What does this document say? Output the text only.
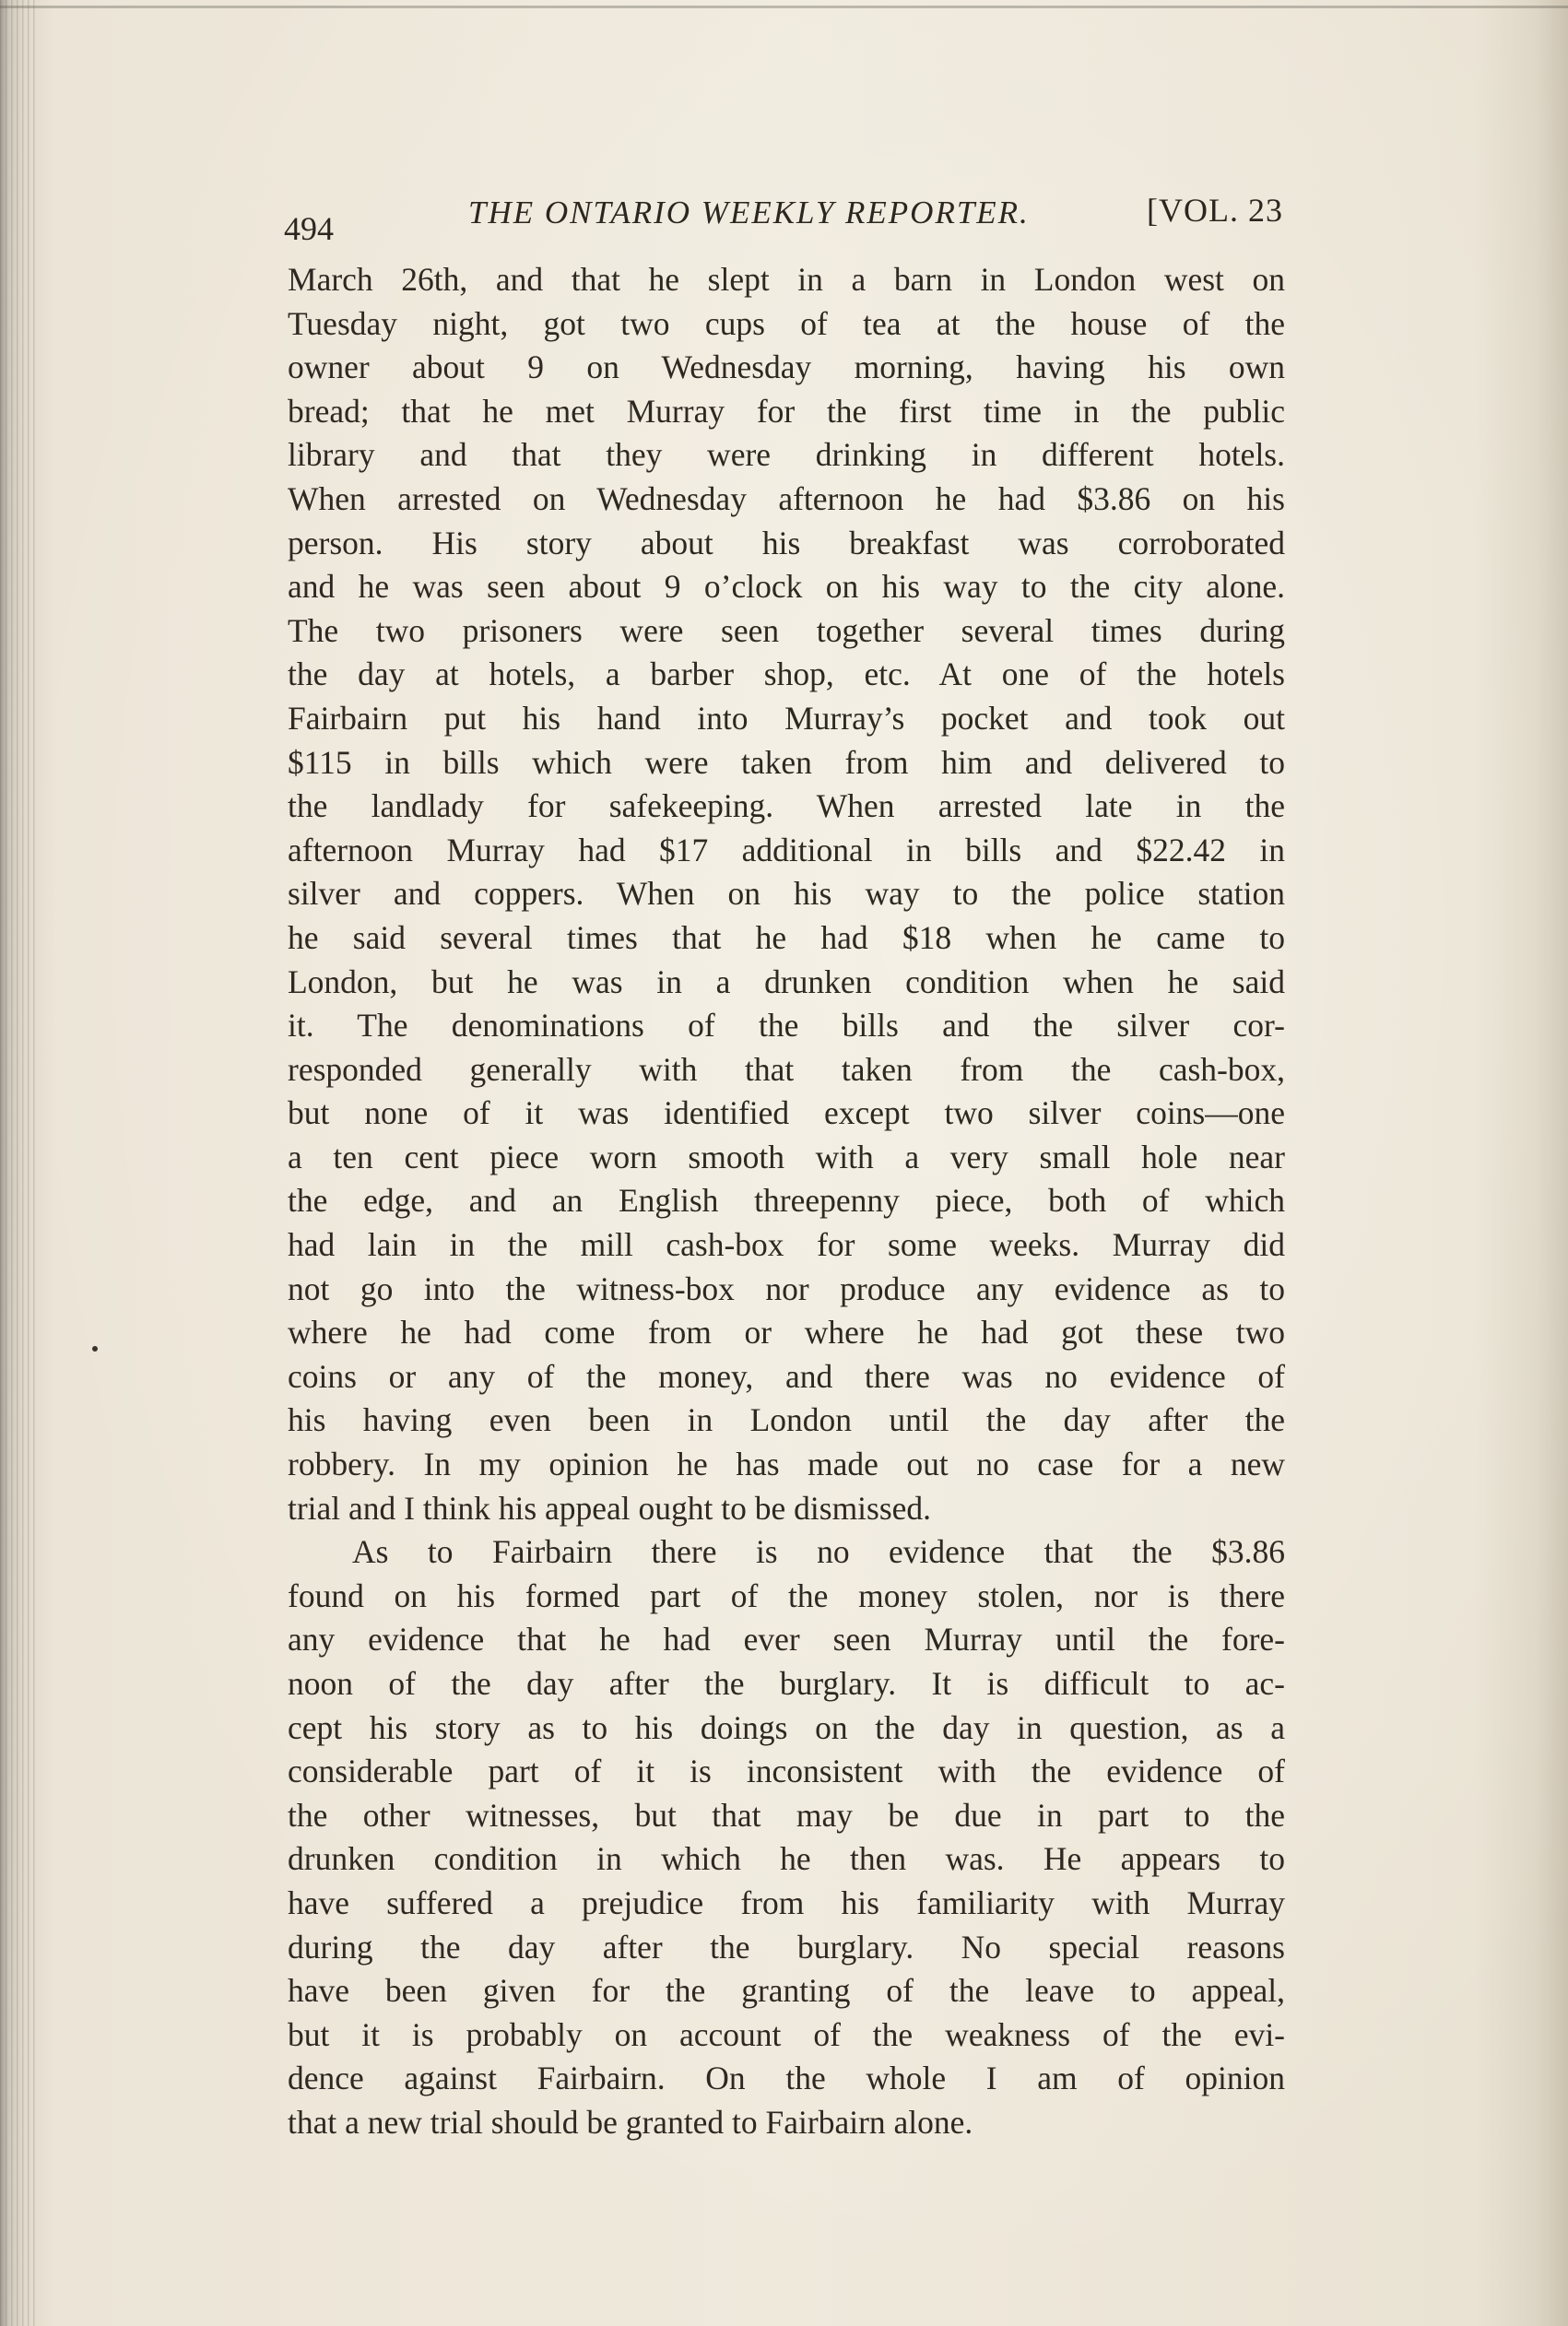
494	THE ONTARIO WEEKLY REPORTER.	[VOL. 23
March 26th, and that he slept in a barn in London west on
Tuesday night, got two cups of tea at the house of the
owner about 9 on Wednesday morning, having his own
bread; that he met Murray for the first time in the public
library and that they were drinking in different hotels.
When arrested on Wednesday afternoon he had $3.86 on his
person. His story about his breakfast was corroborated
and he was seen about 9 o’clock on his way to the city alone.
The two prisoners were seen together several times during
the day at hotels, a barber shop, etc. At one of the hotels
Fairbairn put his hand into Murray’s pocket and took out
$115 in bills which were taken from him and delivered to
the landlady for safekeeping. When arrested late in the
afternoon Murray had $17 additional in bills and $22.42 in
silver and coppers. When on his way to the police station
he said several times that he had $18 when he came to
London, but he was in a drunken condition when he said
it. The denominations of the bills and the silver cor-
responded generally with that taken from the cash-box,
but none of it was identified except two silver coins—one
a ten cent piece worn smooth with a very small hole near
the edge, and an English threepenny piece, both of which
had lain in the mill cash-box for some weeks. Murray did
not go into the witness-box nor produce any evidence as to
where he had come from or where he had got these two
coins or any of the money, and there was no evidence of
his having even been in London until the day after the
robbery. In my opinion he has made out no case for a new
trial and I think his appeal ought to be dismissed.
As to Fairbairn there is no evidence that the $3.86
found on his formed part of the money stolen, nor is there
any evidence that he had ever seen Murray until the fore-
noon of the day after the burglary. It is difficult to ac-
cept his story as to his doings on the day in question, as a
considerable part of it is inconsistent with the evidence of
the other witnesses, but that may be due in part to the
drunken condition in which he then was. He appears to
have suffered a prejudice from his familiarity with Murray
during the day after the burglary. No special reasons
have been given for the granting of the leave to appeal,
but it is probably on account of the weakness of the evi-
dence against Fairbairn. On the whole I am of opinion
that a new trial should be granted to Fairbairn alone.
